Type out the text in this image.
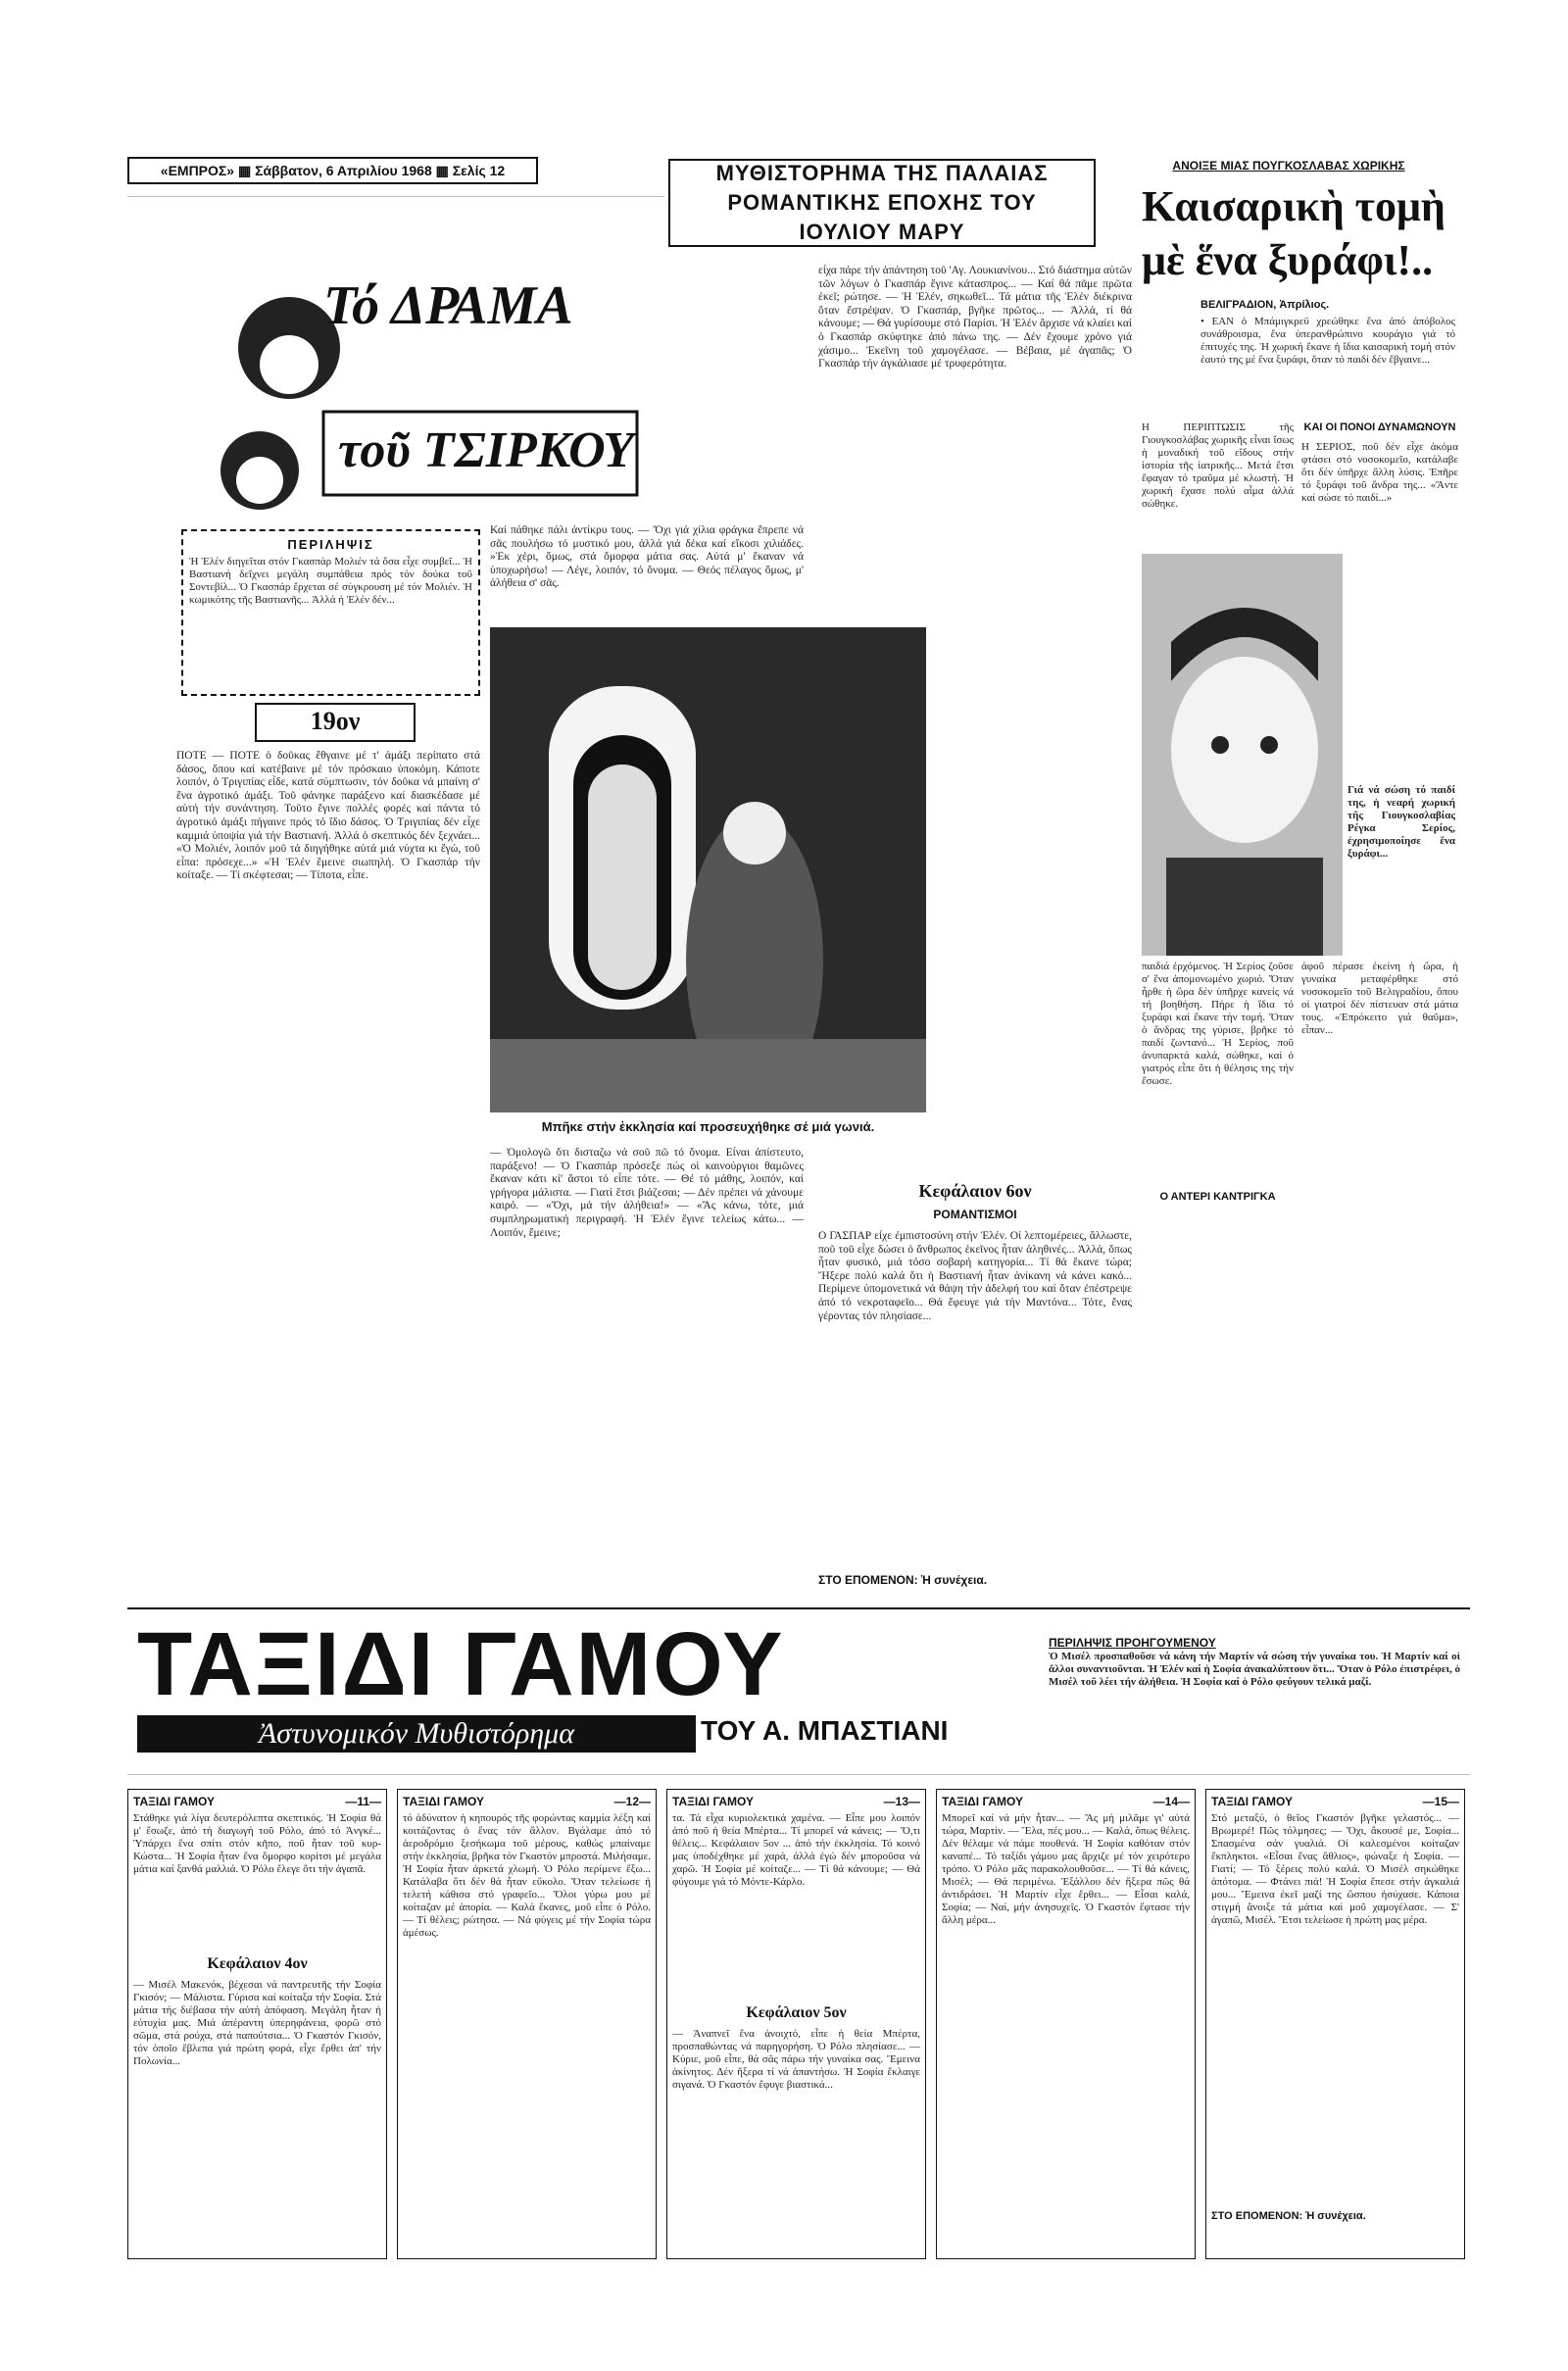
«ΕΜΠΡΟΣ» ▦ Σάββατον, 6 Απριλίου 1968 ▦ Σελίς 12	ΜΥΘΙΣΤΟΡΗΜΑ ΤΗΣ ΠΑΛΑΙΑΣ ΡΟΜΑΝΤΙΚΗΣ ΕΠΟΧΗΣ ΤΟΥ ΙΟΥΛΙΟΥ ΜΑΡΥ
Τό ΔΡΑΜΑ
τοῦ ΤΣΙΡΚΟΥ
ΠΕΡΙΛΗΨΙΣ
Ἡ Ἑλέν διηγεῖται στόν Γκασπάρ Μολιέν τά ὅσα εἶχε συμβεῖ... Ἡ Βαστιανή δεῖχνει μεγάλη συμπάθεια πρός τόν δούκα τοῦ Σοντεβίλ... Ὁ Γκασπάρ ἔρχεται σέ σύγκρουση μέ τόν Μολιέν. Ἡ κωμικότης τῆς Βαστιανῆς... Ἀλλά ἡ Ἑλέν δέν...
19ον
ΠΟΤΕ — ΠΟΤΕ ὁ δοῦκας ἔθγαινε μέ τ' ἀμάξι περίπατο στά δάσος, ὅπου καί κατέβαινε μέ τόν πρόσκαιο ὑποκόμη. Κάποτε λοιπόν, ὁ Τριγιπίας εἶδε, κατά σύμπτωσιν, τόν δοῦκα νά μπαίνη σ' ἕνα ἀγροτικό ἀμάξι. Τοῦ φάνηκε παράξενο καί διασκέδασε μέ αὐτή τήν συνάντηση. Τοῦτο ἔγινε πολλές φορές καί πάντα τό ἀγροτικό ἀμάξι πήγαινε πρός τό ἴδιο δάσος. Ὁ Τριγιπίας δέν εἶχε καμμιά ὑποψία γιά τήν Βαστιανή. Ἀλλά ὁ σκεπτικός δέν ξεχνάει... «Ὁ Μολιέν, λοιπόν μοῦ τά διηγήθηκε αὐτά μιά νύχτα κι ἔγώ, τοῦ εἶπα: πρόσεχε...» «Ἡ Ἑλέν ἔμεινε σιωπηλή. Ὁ Γκασπάρ τήν κοίταξε. — Τί σκέφτεσαι; — Τίποτα, εἶπε.
Καί πάθηκε πάλι ἀντίκρυ τους. — Ὄχι γιά χίλια φράγκα ἔπρεπε νά σᾶς πουλήσω τό μυστικό μου, ἀλλά γιά δέκα καί εἴκοσι χιλιάδες. »Ἐκ χέρι, ὅμως, στά ὄμορφα μάτια σας. Αὐτά μ' ἔκαναν νά ὑποχωρήσω! — Λέγε, λοιπόν, τό ὄνομα. — Θεός πέλαγος ὅμως, μ' ἀλήθεια σ' σᾶς.
Μπῆκε στήν ἐκκλησία καί προσευχήθηκε σέ μιά γωνιά.
εἶχα πάρε τήν ἀπάντηση τοῦ 'Αγ. Λουκιανίνου... Στό διάστημα αὐτῶν τῶν λόγων ὁ Γκασπάρ ἔγινε κάτασπρος... — Καί θά πᾶμε πρῶτα ἐκεῖ; ρώτησε. — Ἡ Ἑλέν, σηκωθεῖ... Τά μάτια τῆς Ἑλέν διέκρινα ὅταν ἔστρέψαν. Ὁ Γκασπάρ, βγῆκε πρῶτος... — Ἀλλά, τί θά κάνουμε; — Θά γυρίσουμε στό Παρίσι. Ἡ Ἑλέν ἄρχισε νά κλαίει καί ὁ Γκασπάρ σκύφτηκε ἀπό πάνω της. — Δέν ἔχουμε χρόνο γιά χάσιμο... Ἐκεῖνη τοῦ χαμογέλασε. — Βέβαια, μέ ἀγαπᾶς; Ὁ Γκασπάρ τήν ἀγκάλιασε μέ τρυφερότητα.
— Ὀμολογῶ ὅτι δισταζω νά σοῦ πῶ τό ὄνομα. Εἶναι ἀπίστευτο, παράξενο! — Ὁ Γκασπάρ πρόσεξε πώς οἱ καινούργιοι θαμῶνες ἔκαναν κάτι κί' ἄστοι τό εἶπε τότε. — Θέ τό μάθης, λοιπόν, καί γρήγορα μάλιστα. — Γιατί ἔτσι βιάζεσαι; — Δέν πρέπει νά χάνουμε καιρό. — «Ὄχι, μά τήν ἀλήθεια!» — «Ἄς κάνω, τότε, μιά συμπληρωματική περιγραφή. Ἡ Ἑλέν ἔγινε τελείως κάτω... — Λοιπόν, ἔμεινε;
Κεφάλαιον 6ον
ΡΟΜΑΝΤΙΣΜΟΙ
Ο ΓΑΣΠΑΡ εἶχε ἐμπιστοσύνη στήν Ἑλέν. Οἱ λεπτομέρειες, ἄλλωστε, ποῦ τοῦ εἶχε δώσει ὁ ἄνθρωπος ἐκεῖνος ἦταν ἀληθινές... Ἀλλά, ὅπως ἦταν φυσικό, μιά τόσο σοβαρή κατηγορία... Τί θά ἔκανε τώρα; Ἤξερε πολύ καλά ὅτι ἡ Βαστιανή ἦταν ἀνίκανη νά κάνει κακό... Περίμενε ὑπομονετικά νά θάψη τήν ἀδελφή του καί ὅταν ἐπέστρεψε ἀπό τό νεκροταφεῖο... Θά ἔφευγε γιά τήν Μαντόνα... Τότε, ἔνας γέροντας τόν πλησίασε...
ΣΤΟ ΕΠΟΜΕΝΟΝ: Ἡ συνέχεια.
ΑΝΟΙΞΕ ΜΙΑΣ ΠΟΥΓΚΟΣΛΑΒΑΣ ΧΩΡΙΚΗΣ
Καισαρικὴ τομὴ
μὲ ἕνα ξυράφι!..
ΒΕΛΙΓΡΑΔΙΟΝ, Ἀπρίλιος.
• ΕΑΝ ὁ Μπάμιγκρεϋ χρεώθηκε ἕνα ἀπό ἀπόβολος συνάθροισμα, ἕνα ὑπερανθρώπινο κουράγιο γιά τό ἐπιτυχές της. Ἡ χωρική ἔκανε ἡ ἴδια καισαρική τομή στόν ἑαυτό της μέ ἕνα ξυράφι, ὅταν τό παιδί δέν ἔβγαινε...
Η ΠΕΡΙΠΤΩΣΙΣ τῆς Γιουγκοσλάβας χωρικῆς εἶναι ἴσως ἡ μοναδική τοῦ εἴδους στήν ἱστορία τῆς ἰατρικῆς... Μετά ἔτσι ἔφαγαν τό τραῦμα μέ κλωστή. Ἡ χωρική ἔχασε πολύ αἷμα ἀλλά σώθηκε.
ΚΑΙ ΟΙ ΠΟΝΟΙ ΔΥΝΑΜΩΝΟΥΝ
Η ΣΕΡΙΟΣ, ποῦ δέν εἶχε ἀκόμα φτάσει στό νοσοκομεῖο, κατάλαβε ὅτι δέν ὑπῆρχε ἄλλη λύσις. Ἐπῆρε τό ξυράφι τοῦ ἄνδρα της... «Ἄντε καί σώσε τό παιδί...»
Γιά νά σώση τό παιδί της, ἡ νεαρή χωρική τῆς Γιουγκοσλαβίας Ρέγκα Σερίος, ἐχρησιμοποίησε ἕνα ξυράφι...
παιδιά ἐρχόμενος. Ἡ Σερίος ζοῦσε σ' ἕνα ἀπομονωμένο χωριό. Ὅταν ἦρθε ἡ ὥρα δέν ὑπῆρχε κανείς νά τή βοηθήση. Πήρε ἡ ἴδια τό ξυράφι καί ἔκανε τήν τομή. Ὅταν ὁ ἄνδρας της γύρισε, βρῆκε τό παιδί ζωντανό... Ἡ Σερίος, ποῦ ἀνυπαρκτά καλά, σώθηκε, καί ὁ γιατρός εἶπε ὅτι ἡ θέλησις της τήν ἔσωσε.
Ο ΑΝΤΕΡΙ ΚΑΝΤΡΙΓΚΑ
ἀφοῦ πέρασε ἐκείνη ἡ ὥρα, ἡ γυναίκα μεταφέρθηκε στό νοσοκομεῖο τοῦ Βελιγραδίου, ὅπου οἱ γιατροί δέν πίστευαν στά μάτια τους. «Ἐπρόκειτο γιά θαῦμα», εἶπαν...
ΤΑΞΙΔΙ ΓΑΜΟΥ
Ἀστυνομικόν Μυθιστόρημα	ΤΟΥ Α. ΜΠΑΣΤΙΑΝΙ
ΠΕΡΙΛΗΨΙΣ ΠΡΟΗΓΟΥΜΕΝΟΥ
Ὁ Μισέλ προσπαθοῦσε νά κάνη τήν Μαρτίν νά σώση τήν γυναίκα του. Ἡ Μαρτίν καί οἱ ἄλλοι συναντιοῦνται. Ἡ Ἑλέν καί ἡ Σοφία ἀνακαλύπτουν ὅτι... Ὅταν ὁ Ρόλο ἐπιστρέφει, ὁ Μισέλ τοῦ λέει τήν ἀλήθεια. Ἡ Σοφία καί ὁ Ρόλο φεύγουν τελικά μαζί.
ΤΑΞΙΔΙ ΓΑΜΟΥ	—11—
Στάθηκε γιά λίγα δευτερόλεπτα σκεπτικός. Ἡ Σοφία θά μ' ἔσωζε, ἀπό τή διαγωγή τοῦ Ρόλο, ἀπό τό Ἀνγκέ... Ὑπάρχει ἕνα σπίτι στόν κῆπο, ποῦ ἦταν τοῦ κυρ-Κώστα... Ἡ Σοφία ἦταν ἕνα ὄμορφο κορίτσι μέ μεγάλα μάτια καί ξανθά μαλλιά. Ὁ Ρόλο ἔλεγε ὅτι τήν ἀγαπᾶ.
Κεφάλαιον 4ον
— Μισέλ Μακενόκ, βέχεσαι νά παντρευτῆς τήν Σοφία Γκισόν; — Μάλιστα. Γύρισα καί κοίταξα τήν Σοφία. Στά μάτια τής διέβασα τήν αὐτή ἀπόφαση. Μεγάλη ἦταν ἡ εὐτυχία μας. Μιά ἀπέραντη ὑπερηφάνεια, φορῶ στό σῶμα, στά ρούχα, στά παπούτσια... Ὁ Γκαστόν Γκισόν, τόν ὁποῖο ἔβλεπα γιά πρώτη φορά, εἶχε ἔρθει ἀπ' τήν Πολωνία...
ΤΑΞΙΔΙ ΓΑΜΟΥ	—12—
τό ἀδύνατον ἡ κηπουρός τῆς φορώντας καμμία λέξη καί κοιτάζοντας ὁ ἕνας τόν ἄλλον. Βγάλαμε ἀπό τό ἀεροδρόμιο ξεσήκωμα τοῦ μέρους, καθώς μπαίναμε στήν ἐκκλησία, βρῆκα τόν Γκαστόν μπροστά. Μιλήσαμε. Ἡ Σοφία ἦταν ἀρκετά χλωμή. Ὁ Ρόλο περίμενε ἔξω... Κατάλαβα ὅτι δέν θά ἦταν εὔκολο. Ὅταν τελείωσε ἡ τελετή κάθισα στό γραφεῖο... Ὅλοι γύρω μου μέ κοίταζαν μέ ἀπορία. — Καλά ἔκανες, μοῦ εἶπε ὁ Ρόλο. — Τί θέλεις; ρώτησα. — Νά φύγεις μέ τήν Σοφία τώρα ἀμέσως.
ΤΑΞΙΔΙ ΓΑΜΟΥ	—13—
τα. Τά εἶχα κυριολεκτικά χαμένα. — Εἶπε μου λοιπόν ἀπό ποῦ ἡ θεία Μπέρτα... Τί μπορεῖ νά κάνεις; — Ὅ,τι θέλεις... Κεφάλαιον 5ον ... ἀπό τήν ἐκκλησία. Τό κοινό μας ὑποδέχθηκε μέ χαρά, ἀλλά ἐγώ δέν μποροῦσα νά χαρῶ. Ἡ Σοφία μέ κοίταζε... — Τί θά κάνουμε; — Θά φύγουμε γιά τό Μόντε-Κάρλο.
Κεφάλαιον 5ον
— Ἀναπνεῖ ἕνα ἀνοιχτό, εἶπε ἡ θεία Μπέρτα, προσπαθώντας νά παρηγορήση. Ὁ Ρόλο πλησίασε... — Κύριε, μοῦ εἶπε, θά σᾶς πάρω τήν γυναίκα σας. Ἔμεινα ἀκίνητος. Δέν ἤξερα τί νά ἀπαντήσω. Ἡ Σοφία ἔκλαιγε σιγανά. Ὁ Γκαστόν ἔφυγε βιαστικά...
ΤΑΞΙΔΙ ΓΑΜΟΥ	—14—
Μπορεῖ καί νά μήν ἦταν... — Ἄς μή μιλᾶμε γι' αὐτά τώρα, Μαρτίν. — Ἔλα, πές μου... — Καλά, ὅπως θέλεις. Δέν θέλαμε νά πάμε πουθενά. Ἡ Σοφία καθόταν στόν καναπέ... Τό ταξίδι γάμου μας ἄρχιζε μέ τόν χειρότερο τρόπο. Ὁ Ρόλο μᾶς παρακολουθοῦσε... — Τί θά κάνεις, Μισέλ; — Θά περιμένω. Ἐξάλλου δέν ἤξερα πῶς θά ἀντιδράσει. Ἡ Μαρτίν εἶχε ἔρθει... — Εἶσαι καλά, Σοφία; — Ναί, μήν ἀνησυχεῖς. Ὁ Γκαστόν ἔφτασε τήν ἄλλη μέρα...
ΤΑΞΙΔΙ ΓΑΜΟΥ	—15—
Στό μεταξύ, ὁ θεῖος Γκαστόν βγῆκε γελαστός... — Βρωμερέ! Πῶς τόλμησες; — Ὄχι, ἄκουσέ με, Σοφία... Σπασμένα σάν γυαλιά. Οἱ καλεσμένοι κοίταζαν ἔκπληκτοι. «Εἶσαι ἕνας ἄθλιος», φώναξε ἡ Σοφία. — Γιατί; — Τό ξέρεις πολύ καλά. Ὁ Μισέλ σηκώθηκε ἀπότομα. — Φτάνει πιά! Ἡ Σοφία ἔπεσε στήν ἀγκαλιά μου... Ἔμεινα ἐκεῖ μαζί της ὥσπου ἡσύχασε. Κάποια στιγμή ἄνοιξε τά μάτια καί μοῦ χαμογέλασε. — Σ' ἀγαπῶ, Μισέλ. Ἔτσι τελείωσε ἡ πρώτη μας μέρα.
ΣΤΟ ΕΠΟΜΕΝΟΝ: Ἡ συνέχεια.
